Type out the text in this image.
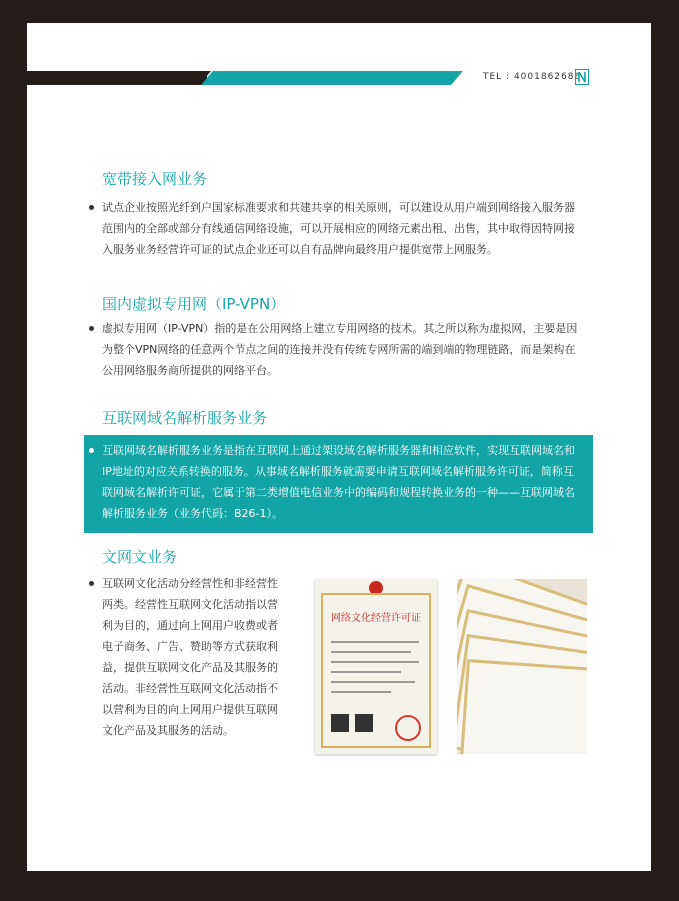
TEL : 4001862686
宽带接入网业务
试点企业按照光纤到户国家标准要求和共建共享的相关原则，可以建设从用户端到网络接入服务器
范围内的全部或部分有线通信网络设施，可以开展相应的网络元素出租、出售，其中取得因特网接
入服务业务经营许可证的试点企业还可以自有品牌向最终用户提供宽带上网服务。
国内虚拟专用网（IP-VPN）
虚拟专用网（IP-VPN）指的是在公用网络上建立专用网络的技术。其之所以称为虚拟网，主要是因
为整个VPN网络的任意两个节点之间的连接并没有传统专网所需的端到端的物理链路，而是架构在
公用网络服务商所提供的网络平台。
互联网域名解析服务业务
互联网域名解析服务业务是指在互联网上通过架设域名解析服务器和相应软件，实现互联网域名和
IP地址的对应关系转换的服务。从事域名解析服务就需要申请互联网域名解析服务许可证，简称互
联网域名解析许可证，它属于第二类增值电信业务中的编码和规程转换业务的一种——互联网域名
解析服务业务（业务代码：B26-1）。
文网文业务
互联网文化活动分经营性和非经营性
两类。经营性互联网文化活动指以营
利为目的，通过向上网用户收费或者
电子商务、广告、赞助等方式获取利
益，提供互联网文化产品及其服务的
活动。非经营性互联网文化活动指不
以营利为目的向上网用户提供互联网
文化产品及其服务的活动。
网络文化经营许可证
